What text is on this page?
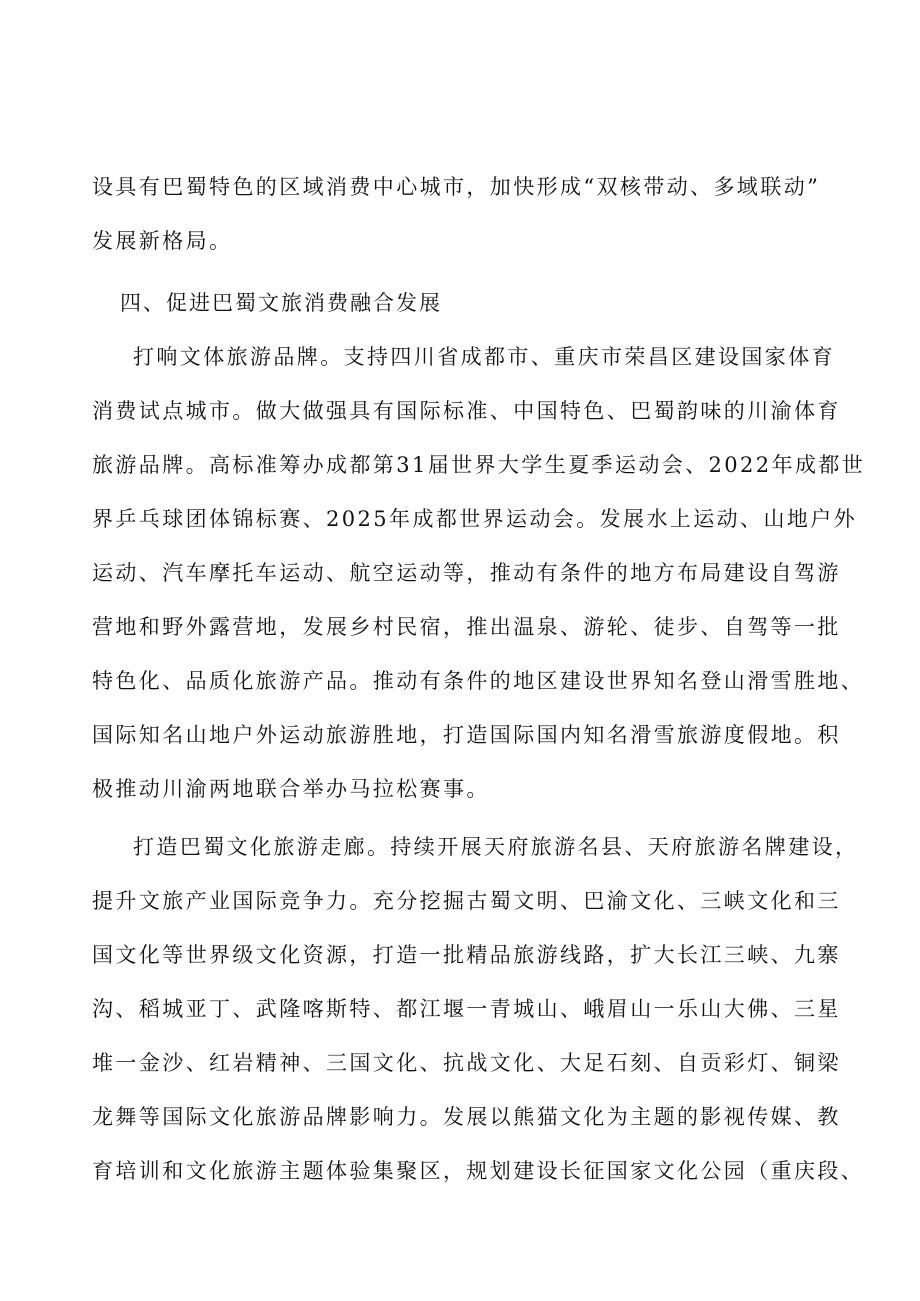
设具有巴蜀特色的区域消费中心城市，加快形成“双核带动、多域联动”
发展新格局。
四、促进巴蜀文旅消费融合发展
打响文体旅游品牌。支持四川省成都市、重庆市荣昌区建设国家体育
消费试点城市。做大做强具有国际标准、中国特色、巴蜀韵味的川渝体育
旅游品牌。高标准筹办成都第31届世界大学生夏季运动会、2022年成都世
界乒乓球团体锦标赛、2025年成都世界运动会。发展水上运动、山地户外
运动、汽车摩托车运动、航空运动等，推动有条件的地方布局建设自驾游
营地和野外露营地，发展乡村民宿，推出温泉、游轮、徒步、自驾等一批
特色化、品质化旅游产品。推动有条件的地区建设世界知名登山滑雪胜地、
国际知名山地户外运动旅游胜地，打造国际国内知名滑雪旅游度假地。积
极推动川渝两地联合举办马拉松赛事。
打造巴蜀文化旅游走廊。持续开展天府旅游名县、天府旅游名牌建设，
提升文旅产业国际竞争力。充分挖掘古蜀文明、巴渝文化、三峡文化和三
国文化等世界级文化资源，打造一批精品旅游线路，扩大长江三峡、九寨
沟、稻城亚丁、武隆喀斯特、都江堰一青城山、峨眉山一乐山大佛、三星
堆一金沙、红岩精神、三国文化、抗战文化、大足石刻、自贡彩灯、铜梁
龙舞等国际文化旅游品牌影响力。发展以熊猫文化为主题的影视传媒、教
育培训和文化旅游主题体验集聚区，规划建设长征国家文化公园（重庆段、
